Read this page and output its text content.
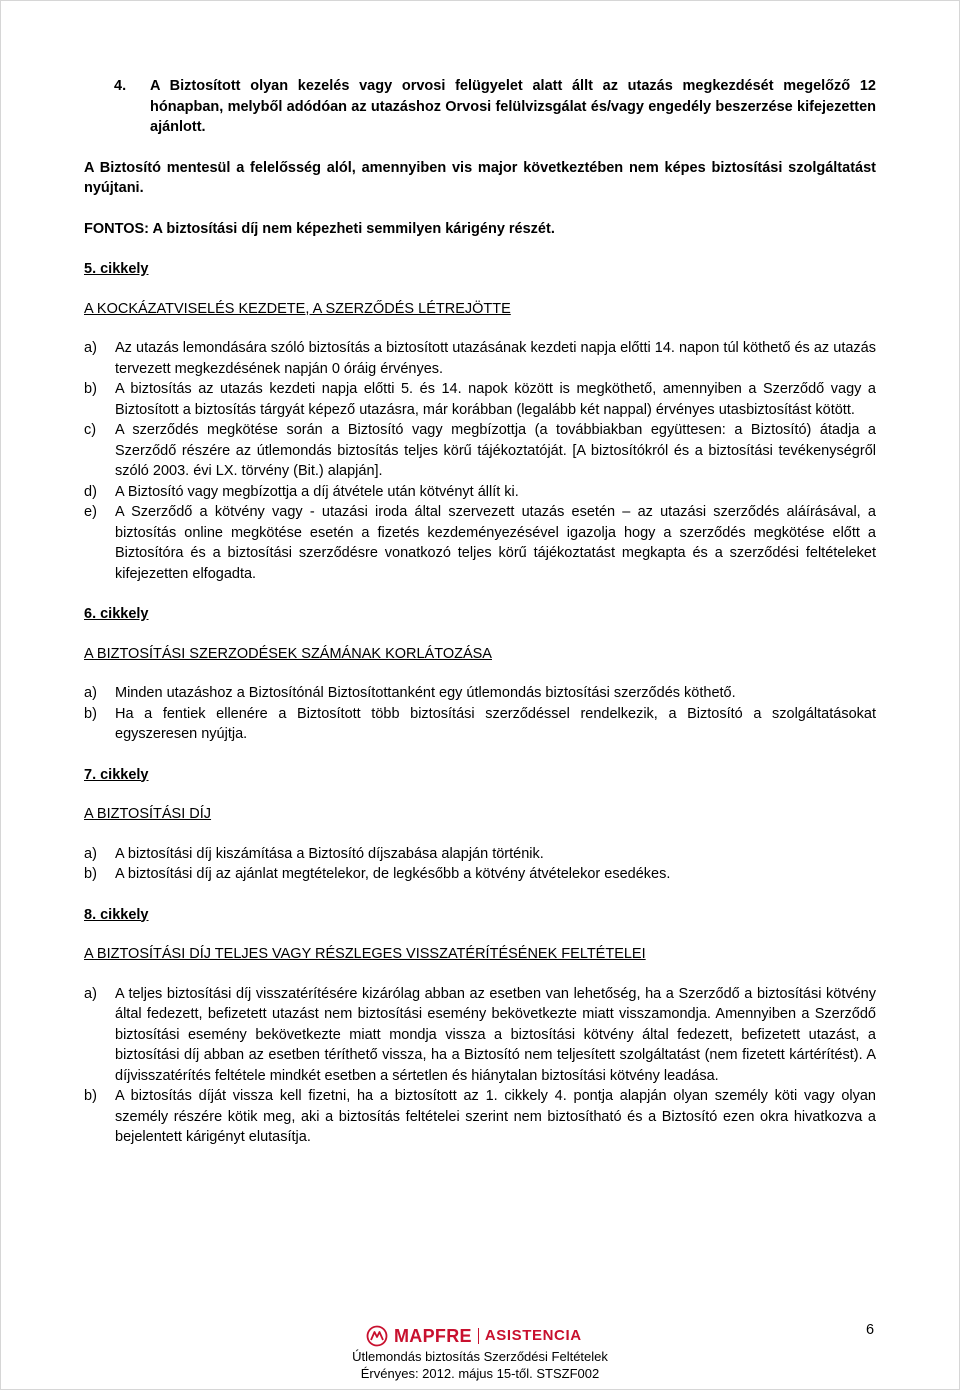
4. A Biztosított olyan kezelés vagy orvosi felügyelet alatt állt az utazás megkezdését megelőző 12 hónapban, melyből adódóan az utazáshoz Orvosi felülvizsgálat és/vagy engedély beszerzése kifejezetten ajánlott.

A Biztosító mentesül a felelősség alól, amennyiben vis major következtében nem képes biztosítási szolgáltatást nyújtani.

FONTOS: A biztosítási díj nem képezheti semmilyen kárigény részét.

5. cikkely

A KOCKÁZATVISELÉS KEZDETE, A SZERZŐDÉS LÉTREJÖTTE

a) Az utazás lemondására szóló biztosítás a biztosított utazásának kezdeti napja előtti 14. napon túl köthető és az utazás tervezett megkezdésének napján 0 óráig érvényes.

b) A biztosítás az utazás kezdeti napja előtti 5. és 14. napok között is megköthető, amennyiben a Szerződő vagy a Biztosított a biztosítás tárgyát képező utazásra, már korábban (legalább két nappal) érvényes utasbiztosítást kötött.

c) A szerződés megkötése során a Biztosító vagy megbízottja (a továbbiakban együttesen: a Biztosító) átadja a Szerződő részére az útlemondás biztosítás teljes körű tájékoztatóját. [A biztosítókról és a biztosítási tevékenységről szóló 2003. évi LX. törvény (Bit.) alapján].

d) A Biztosító vagy megbízottja a díj átvétele után kötvényt állít ki.

e) A Szerződő a kötvény vagy - utazási iroda által szervezett utazás esetén – az utazási szerződés aláírásával, a biztosítás online megkötése esetén a fizetés kezdeményezésével igazolja hogy a szerződés megkötése előtt a Biztosítóra és a biztosítási szerződésre vonatkozó teljes körű tájékoztatást megkapta és a szerződési feltételeket kifejezetten elfogadta.

6. cikkely

A BIZTOSÍTÁSI SZERZODÉSEK SZÁMÁNAK KORLÁTOZÁSA

a) Minden utazáshoz a Biztosítónál Biztosítottanként egy útlemondás biztosítási szerződés köthető.

b) Ha a fentiek ellenére a Biztosított több biztosítási szerződéssel rendelkezik, a Biztosító a szolgáltatásokat egyszeresen nyújtja.

7. cikkely

A BIZTOSÍTÁSI DÍJ

a) A biztosítási díj kiszámítása a Biztosító díjszabása alapján történik.

b) A biztosítási díj az ajánlat megtételekor, de legkésőbb a kötvény átvételekor esedékes.

8. cikkely

A BIZTOSÍTÁSI DÍJ TELJES VAGY RÉSZLEGES VISSZATÉRÍTÉSÉNEK FELTÉTELEI

a) A teljes biztosítási díj visszatérítésére kizárólag abban az esetben van lehetőség, ha a Szerződő a biztosítási kötvény által fedezett, befizetett utazást nem biztosítási esemény bekövetkezte miatt visszamondja. Amennyiben a Szerződő biztosítási esemény bekövetkezte miatt mondja vissza a biztosítási kötvény által fedezett, befizetett utazást, a biztosítási díj abban az esetben téríthető vissza, ha a Biztosító nem teljesített szolgáltatást (nem fizetett kártérítést). A díjvisszatérítés feltétele mindkét esetben a sértetlen és hiánytalan biztosítási kötvény leadása.

b) A biztosítás díját vissza kell fizetni, ha a biztosított az 1. cikkely 4. pontja alapján olyan személy köti vagy olyan személy részére kötik meg, aki a biztosítás feltételei szerint nem biztosítható és a Biztosító ezen okra hivatkozva a bejelentett kárigényt elutasítja.

6
MAPFRE ASISTENCIA
Útlemondás biztosítás Szerződési Feltételek
Érvényes: 2012. május 15-től. STSZF002
